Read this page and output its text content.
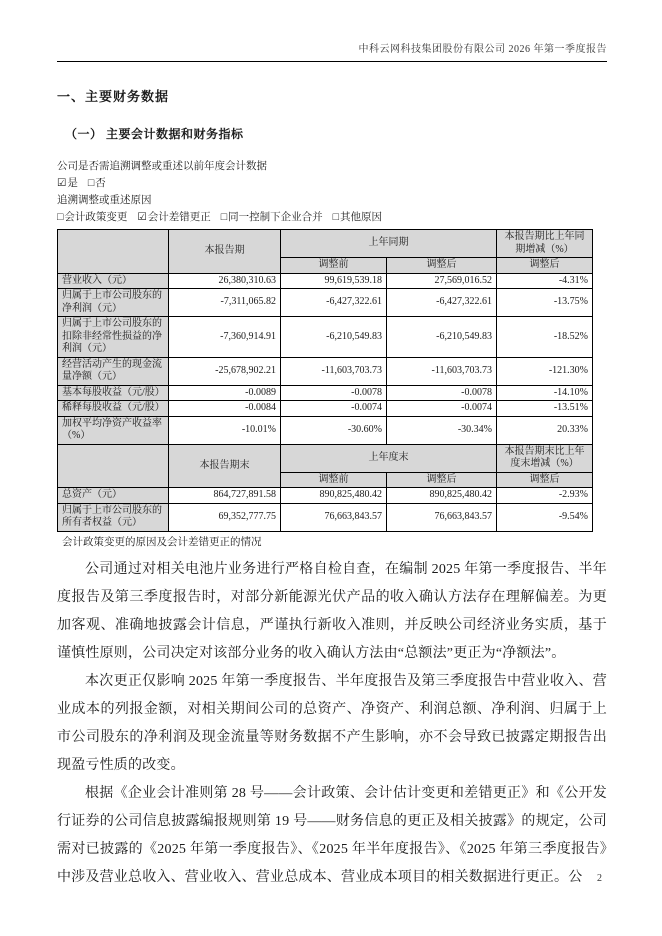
中科云网科技集团股份有限公司 2026 年第一季度报告
一、主要财务数据
（一） 主要会计数据和财务指标
公司是否需追溯调整或重述以前年度会计数据
☑是 □否
追溯调整或重述原因
□会计政策变更 ☑会计差错更正 □同一控制下企业合并 □其他原因
	本报告期	上年同期		本报告期比上年同期增减（%）
		调整前	调整后	调整后
营业收入（元）	26,380,310.63	99,619,539.18	27,569,016.52	-4.31%
归属于上市公司股东的净利润（元）	-7,311,065.82	-6,427,322.61	-6,427,322.61	-13.75%
归属于上市公司股东的扣除非经常性损益的净利润（元）	-7,360,914.91	-6,210,549.83	-6,210,549.83	-18.52%
经营活动产生的现金流量净额（元）	-25,678,902.21	-11,603,703.73	-11,603,703.73	-121.30%
基本每股收益（元/股）	-0.0089	-0.0078	-0.0078	-14.10%
稀释每股收益（元/股）	-0.0084	-0.0074	-0.0074	-13.51%
加权平均净资产收益率（%）	-10.01%	-30.60%	-30.34%	20.33%
	本报告期末	上年度末		本报告期末比上年度末增减（%）
		调整前	调整后	调整后
总资产（元）	864,727,891.58	890,825,480.42	890,825,480.42	-2.93%
归属于上市公司股东的所有者权益（元）	69,352,777.75	76,663,843.57	76,663,843.57	-9.54%
会计政策变更的原因及会计差错更正的情况

公司通过对相关电池片业务进行严格自检自查，在编制 2025 年第一季度报告、半年度报告及第三季度报告时，对部分新能源光伏产品的收入确认方法存在理解偏差。为更加客观、准确地披露会计信息，严谨执行新收入准则，并反映公司经济业务实质，基于谨慎性原则，公司决定对该部分业务的收入确认方法由“总额法”更正为“净额法”。

本次更正仅影响 2025 年第一季度报告、半年度报告及第三季度报告中营业收入、营业成本的列报金额，对相关期间公司的总资产、净资产、利润总额、净利润、归属于上市公司股东的净利润及现金流量等财务数据不产生影响，亦不会导致已披露定期报告出现盈亏性质的改变。

根据《企业会计准则第 28 号——会计政策、会计估计变更和差错更正》和《公开发行证券的公司信息披露编报规则第 19 号——财务信息的更正及相关披露》的规定，公司需对已披露的《2025 年第一季度报告》、《2025 年半年度报告》、《2025 年第三季度报告》中涉及营业总收入、营业收入、营业总成本、营业成本项目的相关数据进行更正。公	2
